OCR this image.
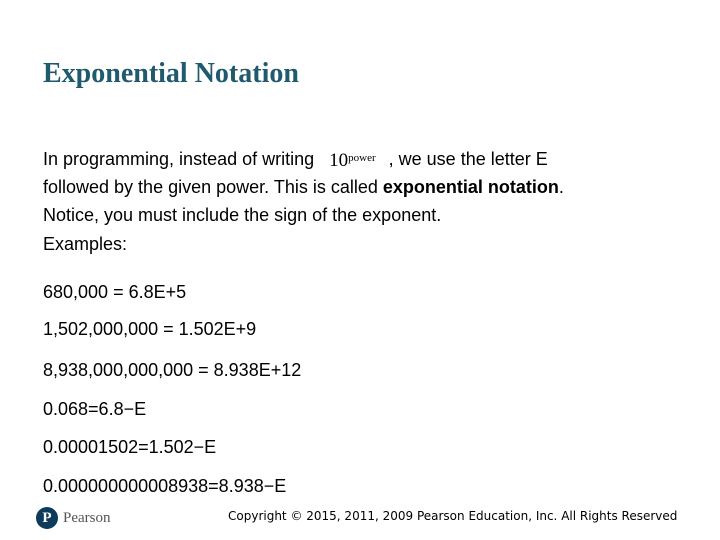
Exponential Notation
In programming, instead of writing $10^{power}$ , we use the letter E
followed by the given power. This is called exponential notation.
Notice, you must include the sign of the exponent.
Examples:
680,000 = 6.8E+5
1,502,000,000 = 1.502E+9
8,938,000,000,000 = 8.938E+12
0.068=6.8−E
0.00001502=1.502−E
0.000000000008938=8.938−E
P Pearson	Copyright © 2015, 2011, 2009 Pearson Education, Inc. All Rights Reserved
